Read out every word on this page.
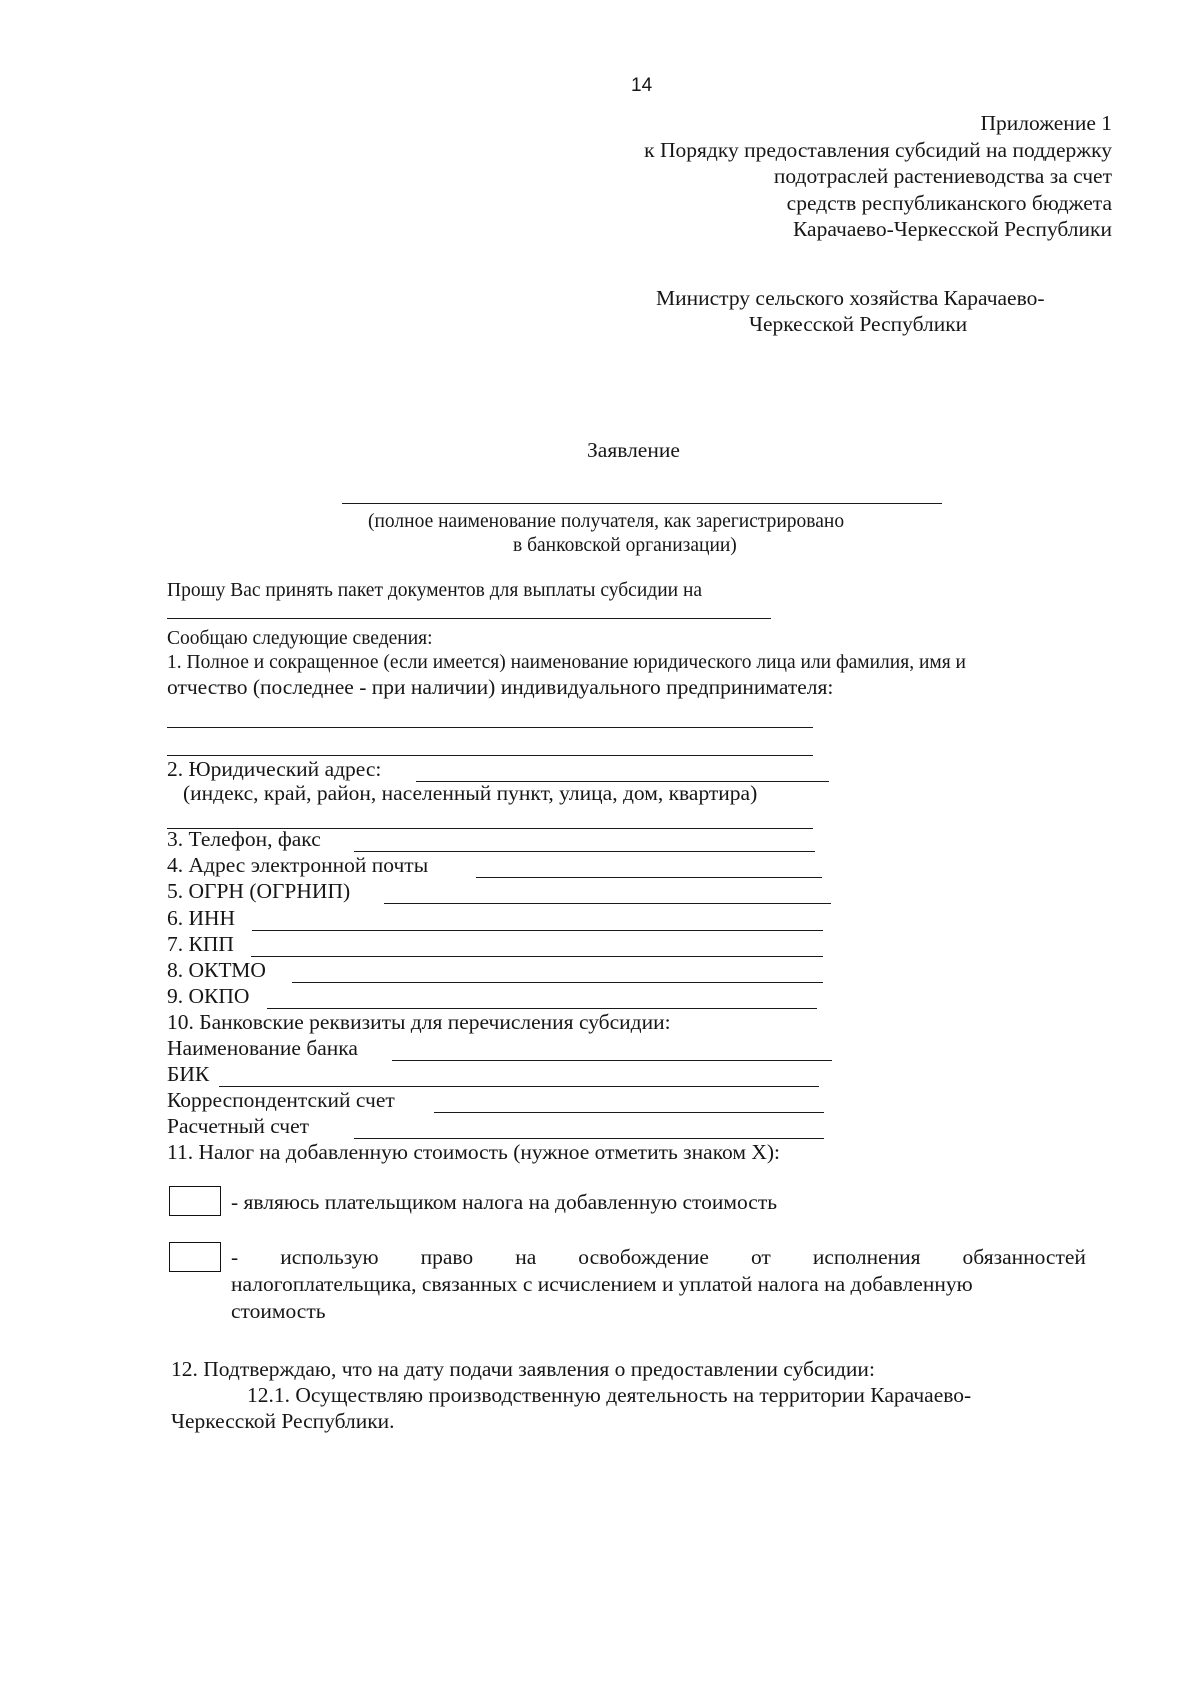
14
Приложение 1
к Порядку предоставления субсидий на поддержку
подотраслей растениеводства за счет
средств республиканского бюджета
Карачаево-Черкесской Республики
Министру сельского хозяйства Карачаево-
Черкесской Республики
Заявление
(полное наименование получателя, как зарегистрировано
в банковской организации)
Прошу Вас принять пакет документов для выплаты субсидии на
Сообщаю следующие сведения:
1. Полное и сокращенное (если имеется) наименование юридического лица или фамилия, имя и
отчество (последнее - при наличии) индивидуального предпринимателя:
2. Юридический адрес:
(индекс, край, район, населенный пункт, улица, дом, квартира)
3. Телефон, факс
4. Адрес электронной почты
5. ОГРН (ОГРНИП)
6. ИНН
7. КПП
8. ОКТМО
9. ОКПО
10. Банковские реквизиты для перечисления субсидии:
Наименование банка
БИК
Корреспондентский счет
Расчетный счет
11. Налог на добавленную стоимость (нужное отметить знаком Х):
- являюсь плательщиком налога на добавленную стоимость
- использую право на освобождение от исполнения обязанностей
налогоплательщика, связанных с исчислением и уплатой налога на добавленную
стоимость
12. Подтверждаю, что на дату подачи заявления о предоставлении субсидии:
12.1. Осуществляю производственную деятельность на территории Карачаево-
Черкесской Республики.
